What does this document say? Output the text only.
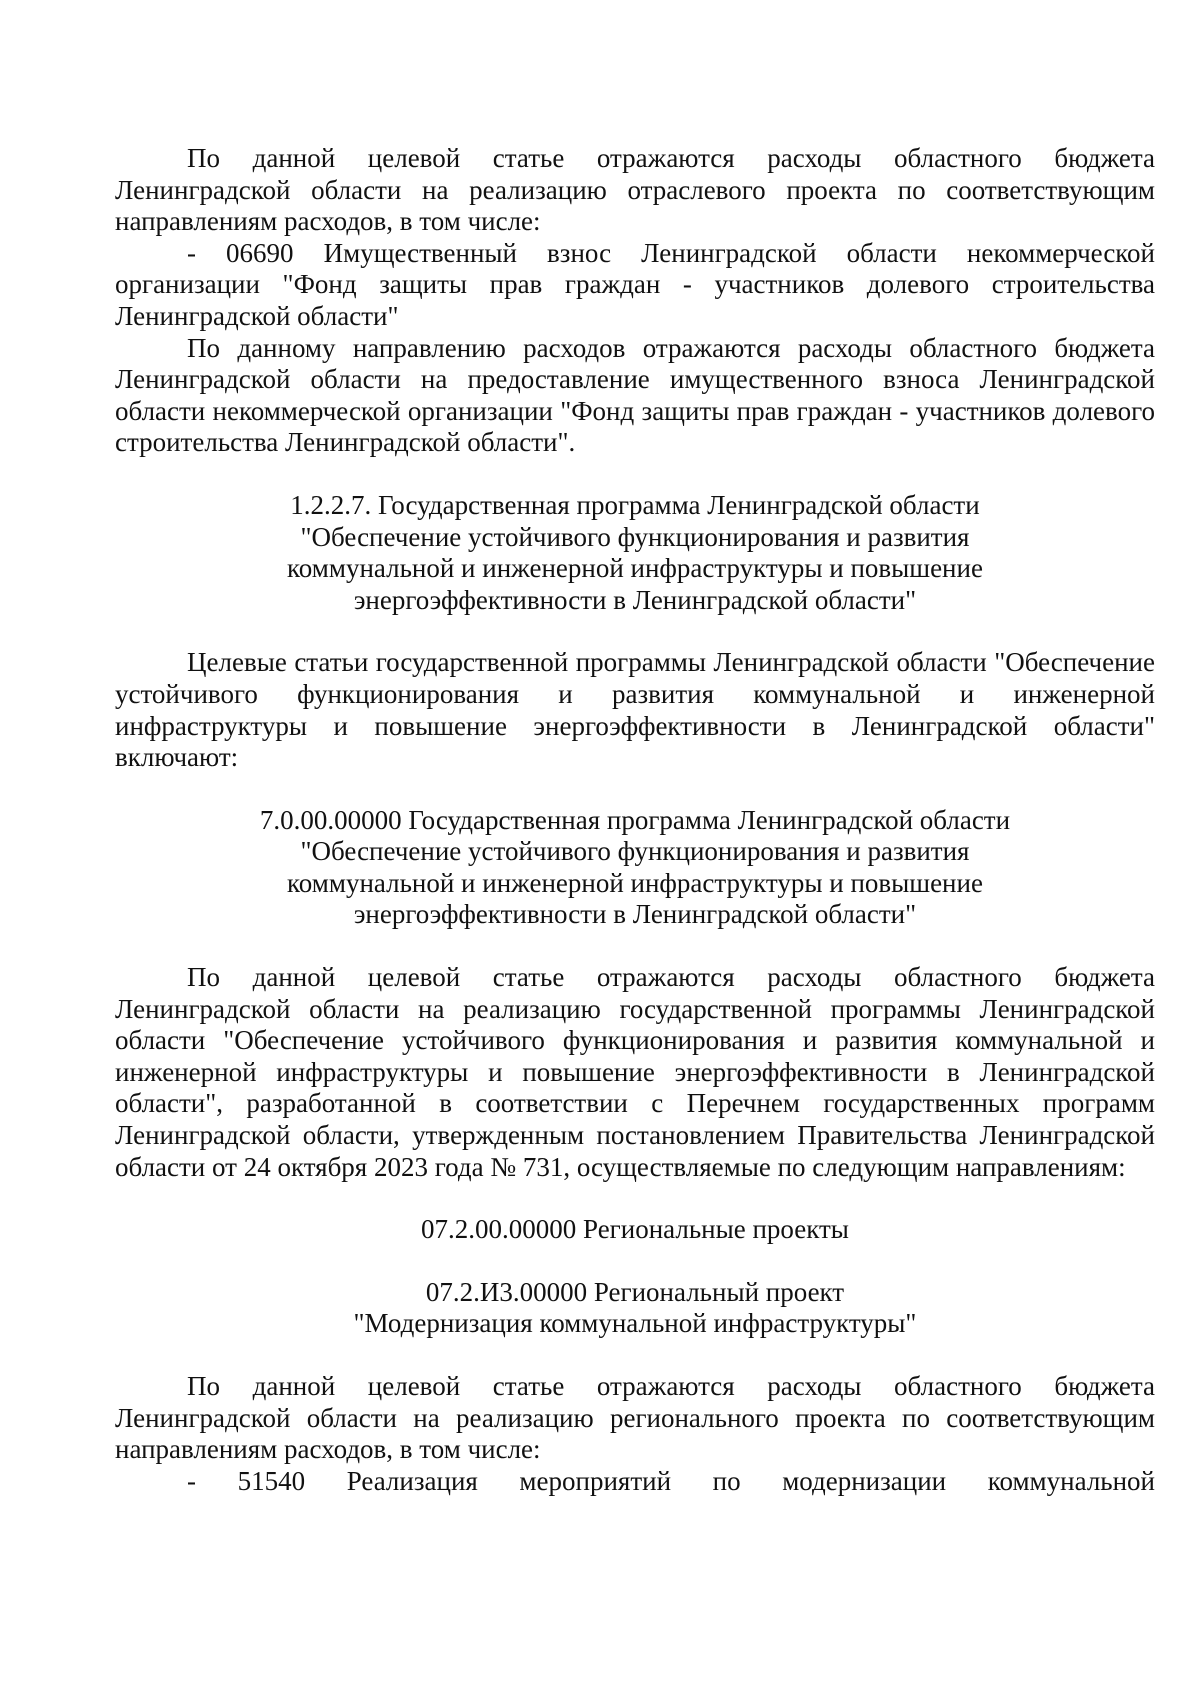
По данной целевой статье отражаются расходы областного бюджета Ленинградской области на реализацию отраслевого проекта по соответствующим направлениям расходов, в том числе:

- 06690 Имущественный взнос Ленинградской области некоммерческой организации "Фонд защиты прав граждан - участников долевого строительства Ленинградской области"

По данному направлению расходов отражаются расходы областного бюджета Ленинградской области на предоставление имущественного взноса Ленинградской области некоммерческой организации "Фонд защиты прав граждан - участников долевого строительства Ленинградской области".

1.2.2.7. Государственная программа Ленинградской области
"Обеспечение устойчивого функционирования и развития
коммунальной и инженерной инфраструктуры и повышение
энергоэффективности в Ленинградской области"

Целевые статьи государственной программы Ленинградской области "Обеспечение устойчивого функционирования и развития коммунальной и инженерной инфраструктуры и повышение энергоэффективности в Ленинградской области" включают:

7.0.00.00000 Государственная программа Ленинградской области
"Обеспечение устойчивого функционирования и развития
коммунальной и инженерной инфраструктуры и повышение
энергоэффективности в Ленинградской области"

По данной целевой статье отражаются расходы областного бюджета Ленинградской области на реализацию государственной программы Ленинградской области "Обеспечение устойчивого функционирования и развития коммунальной и инженерной инфраструктуры и повышение энергоэффективности в Ленинградской области", разработанной в соответствии с Перечнем государственных программ Ленинградской области, утвержденным постановлением Правительства Ленинградской области от 24 октября 2023 года № 731, осуществляемые по следующим направлениям:

07.2.00.00000 Региональные проекты
07.2.И3.00000 Региональный проект
"Модернизация коммунальной инфраструктуры"

По данной целевой статье отражаются расходы областного бюджета Ленинградской области на реализацию регионального проекта по соответствующим направлениям расходов, в том числе:

- 51540 Реализация мероприятий по модернизации коммунальной
